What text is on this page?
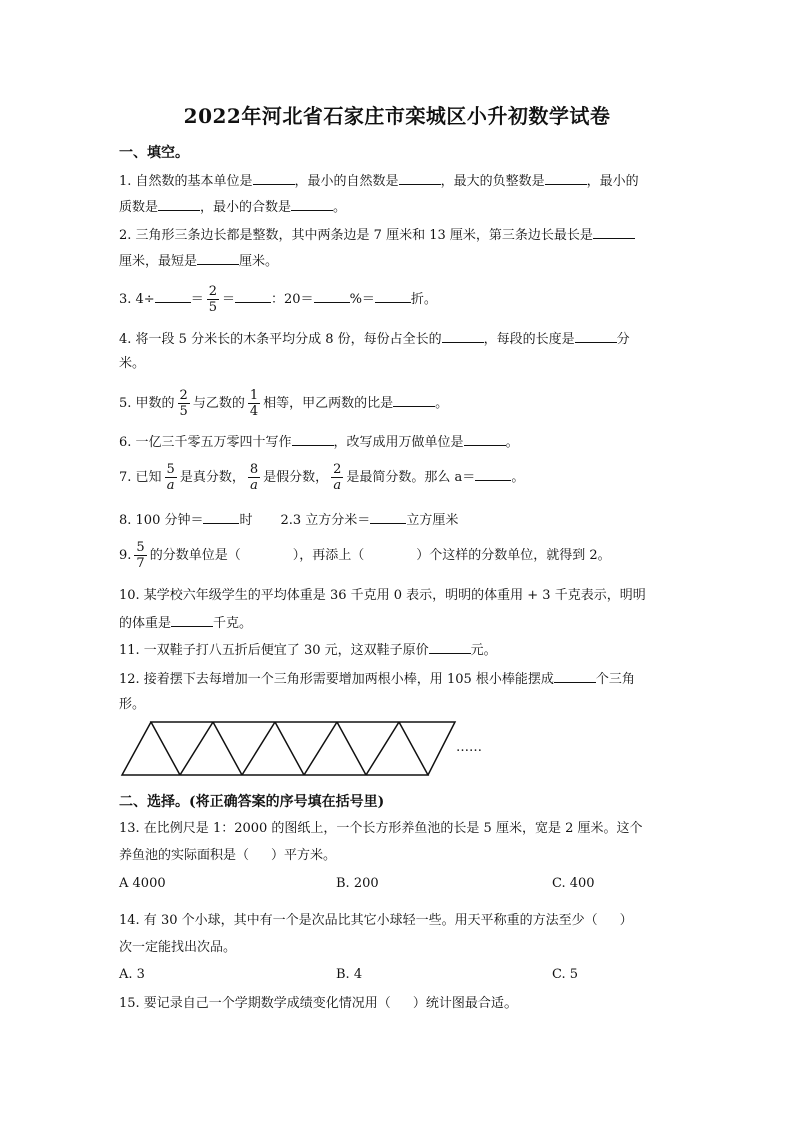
2022年河北省石家庄市栾城区小升初数学试卷
一、填空。
1. 自然数的基本单位是	，最小的自然数是	，最大的负整数是	，最小的
质数是	，最小的合数是	。
2. 三角形三条边长都是整数，其中两条边是 7 厘米和 13 厘米，第三条边长最长是
厘米，最短是	厘米。
3. 4÷	＝ $\frac{2}{5}$ ＝	：20＝	%＝	折。
4. 将一段 5 分米长的木条平均分成 8 份，每份占全长的	，每段的长度是	分
米。
5. 甲数的 $\frac{2}{5}$ 与乙数的 $\frac{1}{4}$ 相等，甲乙两数的比是	。
6. 一亿三千零五万零四十写作	，改写成用万做单位是	。
7. 已知 $\frac{5}{a}$ 是真分数， $\frac{8}{a}$ 是假分数， $\frac{2}{a}$ 是最简分数。那么 a＝	。
8. 100 分钟＝	时 2.3 立方分米＝	立方厘米
9. $\frac{5}{7}$ 的分数单位是（	），再添上（	）个这样的分数单位，就得到 2。
10. 某学校六年级学生的平均体重是 36 千克用 0 表示，明明的体重用 + 3 千克表示，明明
的体重是	千克。
11. 一双鞋子打八五折后便宜了 30 元，这双鞋子原价	元。
12. 接着摆下去每增加一个三角形需要增加两根小棒，用 105 根小棒能摆成	个三角
形。
……
二、选择。(将正确答案的序号填在括号里)
13. 在比例尺是 1：2000 的图纸上，一个长方形养鱼池的长是 5 厘米，宽是 2 厘米。这个
养鱼池的实际面积是（ ）平方米。
A 4000	B. 200	C. 400
14. 有 30 个小球，其中有一个是次品比其它小球轻一些。用天平称重的方法至少（ ）
次一定能找出次品。
A. 3	B. 4	C. 5
15. 要记录自己一个学期数学成绩变化情况用（ ）统计图最合适。
